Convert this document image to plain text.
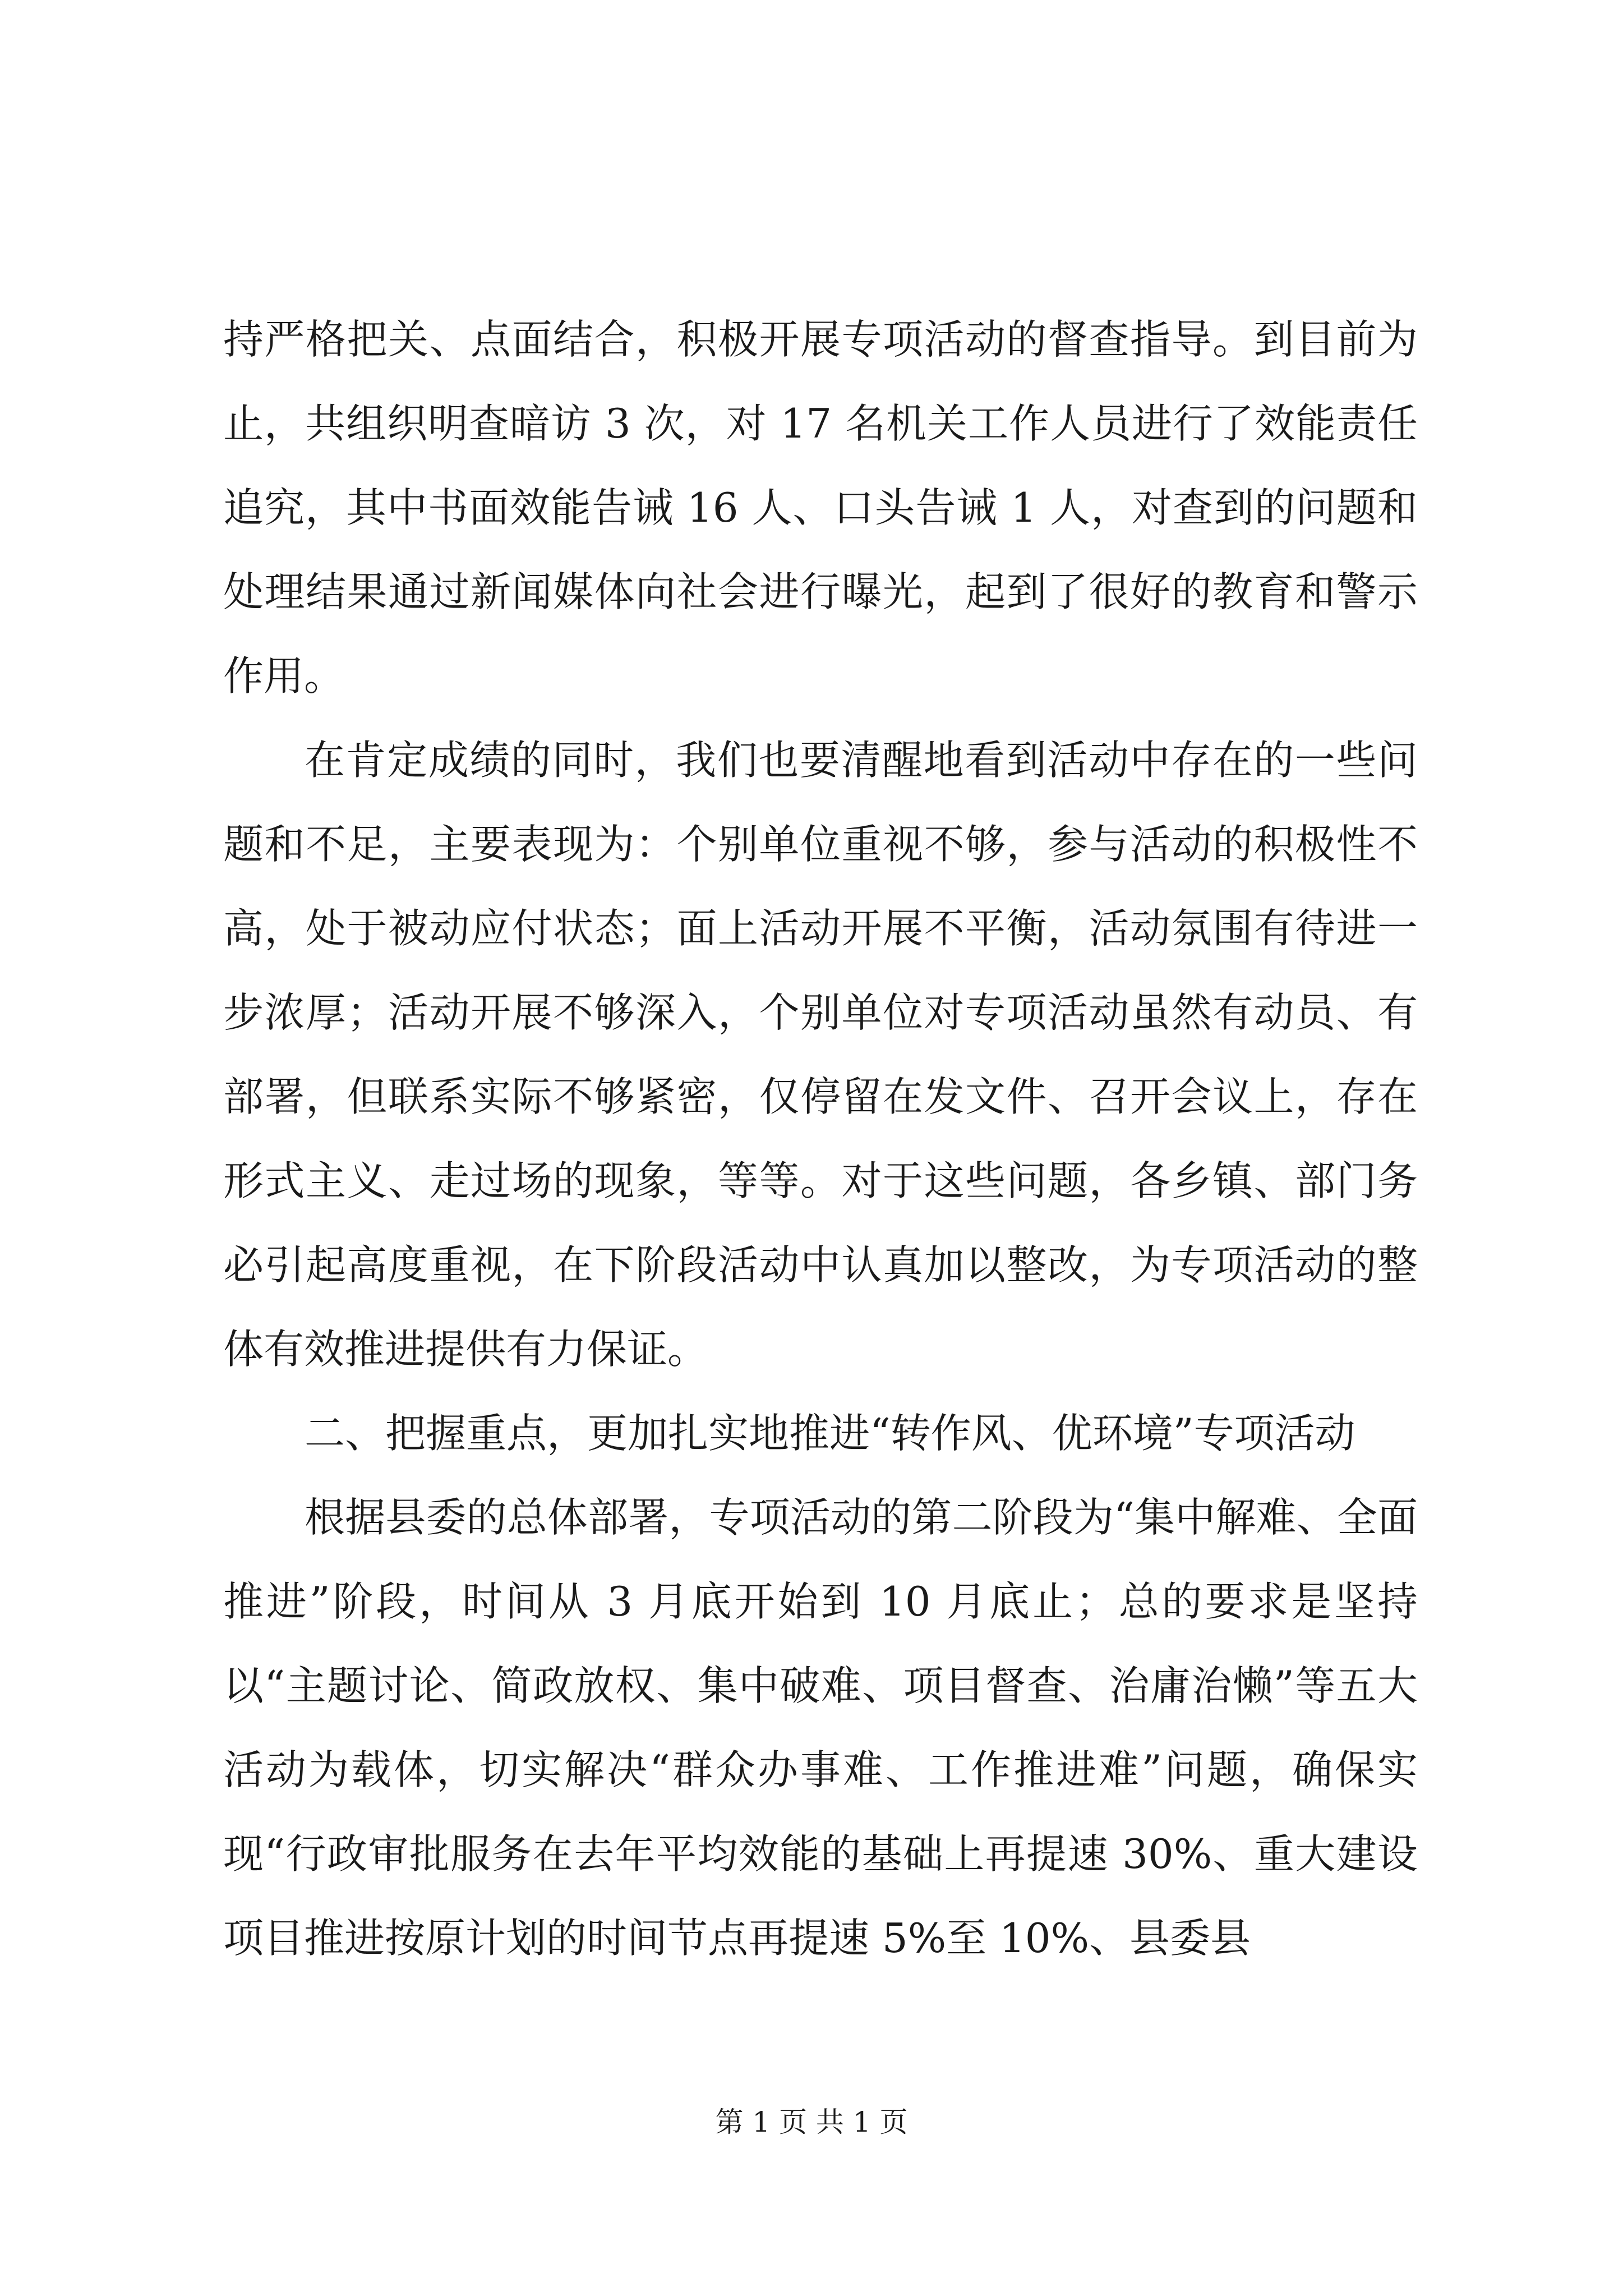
持严格把关、点面结合，积极开展专项活动的督查指导。到目前为止，共组织明查暗访 3 次，对 17 名机关工作人员进行了效能责任追究，其中书面效能告诫 16 人、口头告诫 1 人，对查到的问题和处理结果通过新闻媒体向社会进行曝光，起到了很好的教育和警示作用。

在肯定成绩的同时，我们也要清醒地看到活动中存在的一些问题和不足，主要表现为：个别单位重视不够，参与活动的积极性不高，处于被动应付状态；面上活动开展不平衡，活动氛围有待进一步浓厚；活动开展不够深入，个别单位对专项活动虽然有动员、有部署，但联系实际不够紧密，仅停留在发文件、召开会议上，存在形式主义、走过场的现象，等等。对于这些问题，各乡镇、部门务必引起高度重视，在下阶段活动中认真加以整改，为专项活动的整体有效推进提供有力保证。

二、把握重点，更加扎实地推进“转作风、优环境”专项活动

根据县委的总体部署，专项活动的第二阶段为“集中解难、全面推进”阶段，时间从 3 月底开始到 10 月底止；总的要求是坚持以“主题讨论、简政放权、集中破难、项目督查、治庸治懒”等五大活动为载体，切实解决“群众办事难、工作推进难”问题，确保实现“行政审批服务在去年平均效能的基础上再提速 30%、重大建设项目推进按原计划的时间节点再提速 5%至 10%、县委县

第 1 页 共 1 页
